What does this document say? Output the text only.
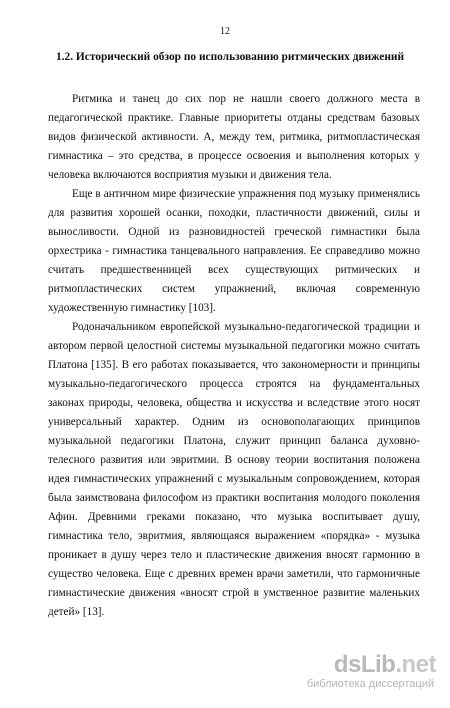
12
1.2. Исторический обзор по использованию ритмических движений

Ритмика и танец до сих пор не нашли своего должного места в педагогической практике. Главные приоритеты отданы средствам базовых видов физической активности. А, между тем, ритмика, ритмопластическая гимнастика – это средства, в процессе освоения и выполнения которых у человека включаются восприятия музыки и движения тела.

Еще в античном мире физические упражнения под музыку применялись для развития хорошей осанки, походки, пластичности движений, силы и выносливости. Одной из разновидностей греческой гимнастики была орхестрика - гимнастика танцевального направления. Ее справедливо можно считать предшественницей всех существующих ритмических и ритмопластических систем упражнений, включая современную художественную гимнастику [103].

Родоначальником европейской музыкально-педагогической традиции и автором первой целостной системы музыкальной педагогики можно считать Платона [135]. В его работах показывается, что закономерности и принципы музыкально-педагогического процесса строятся на фундаментальных законах природы, человека, общества и искусства и вследствие этого носят универсальный характер. Одним из основополагающих принципов музыкальной педагогики Платона, служит принцип баланса духовно-телесного развития или эвритмии. В основу теории воспитания положена идея гимнастических упражнений с музыкальным сопровождением, которая была заимствована философом из практики воспитания молодого поколения Афин. Древними греками показано, что музыка воспитывает душу, гимнастика тело, эвритмия, являющаяся выражением «порядка» - музыка проникает в душу через тело и пластические движения вносят гармонию в существо человека. Еще с древних времен врачи заметили, что гармоничные гимнастические движения «вносят строй в умственное развитие маленьких детей» [13].

dsLib.net
библиотека диссертаций
